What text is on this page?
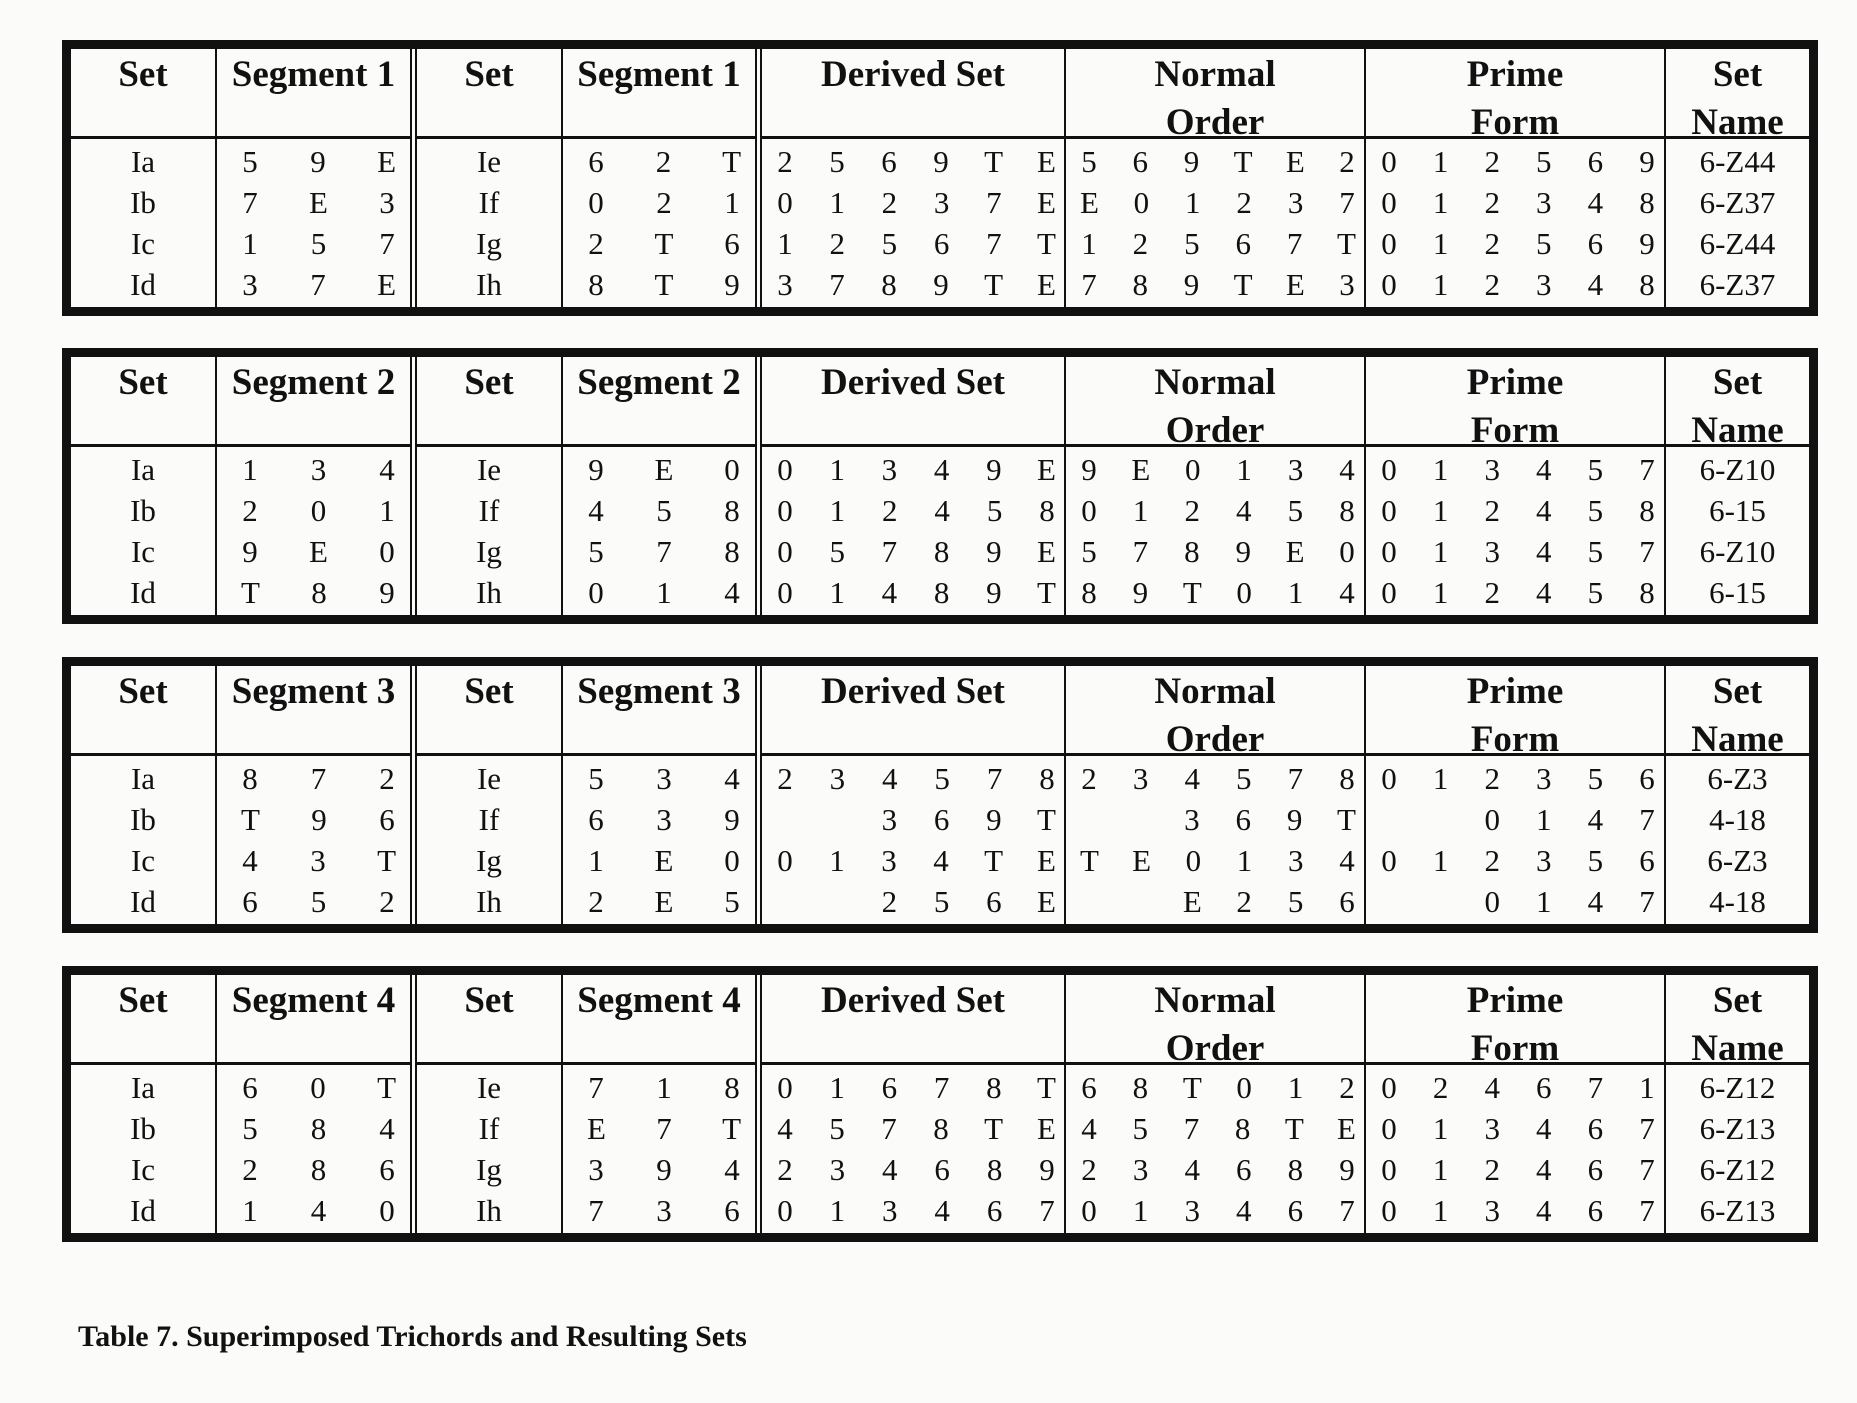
Set
Ia
Ib
Ic
Id
Segment 1
5 9 E
7 E 3
1 5 7
3 7 E
Set
Ie
If
Ig
Ih
Segment 1
6 2 T
0 2 1
2 T 6
8 T 9
Derived Set
2 5 6 9 T E
0 1 2 3 7 E
1 2 5 6 7 T
3 7 8 9 T E
Normal
Order
5 6 9 T E 2
E 0 1 2 3 7
1 2 5 6 7 T
7 8 9 T E 3
Prime
Form
0 1 2 5 6 9
0 1 2 3 4 8
0 1 2 5 6 9
0 1 2 3 4 8
Set
Name
6-Z44
6-Z37
6-Z44
6-Z37
Set
Ia
Ib
Ic
Id
Segment 2
1 3 4
2 0 1
9 E 0
T 8 9
Set
Ie
If
Ig
Ih
Segment 2
9 E 0
4 5 8
5 7 8
0 1 4
Derived Set
0 1 3 4 9 E
0 1 2 4 5 8
0 5 7 8 9 E
0 1 4 8 9 T
Normal
Order
9 E 0 1 3 4
0 1 2 4 5 8
5 7 8 9 E 0
8 9 T 0 1 4
Prime
Form
0 1 3 4 5 7
0 1 2 4 5 8
0 1 3 4 5 7
0 1 2 4 5 8
Set
Name
6-Z10
6-15
6-Z10
6-15
Set
Ia
Ib
Ic
Id
Segment 3
8 7 2
T 9 6
4 3 T
6 5 2
Set
Ie
If
Ig
Ih
Segment 3
5 3 4
6 3 9
1 E 0
2 E 5
Derived Set
2 3 4 5 7 8
3 6 9 T
0 1 3 4 T E
2 5 6 E
Normal
Order
2 3 4 5 7 8
3 6 9 T
T E 0 1 3 4
E 2 5 6
Prime
Form
0 1 2 3 5 6
0 1 4 7
0 1 2 3 5 6
0 1 4 7
Set
Name
6-Z3
4-18
6-Z3
4-18
Set
Ia
Ib
Ic
Id
Segment 4
6 0 T
5 8 4
2 8 6
1 4 0
Set
Ie
If
Ig
Ih
Segment 4
7 1 8
E 7 T
3 9 4
7 3 6
Derived Set
0 1 6 7 8 T
4 5 7 8 T E
2 3 4 6 8 9
0 1 3 4 6 7
Normal
Order
6 8 T 0 1 2
4 5 7 8 T E
2 3 4 6 8 9
0 1 3 4 6 7
Prime
Form
0 2 4 6 7 1
0 1 3 4 6 7
0 1 2 4 6 7
0 1 3 4 6 7
Set
Name
6-Z12
6-Z13
6-Z12
6-Z13
Table 7. Superimposed Trichords and Resulting Sets
